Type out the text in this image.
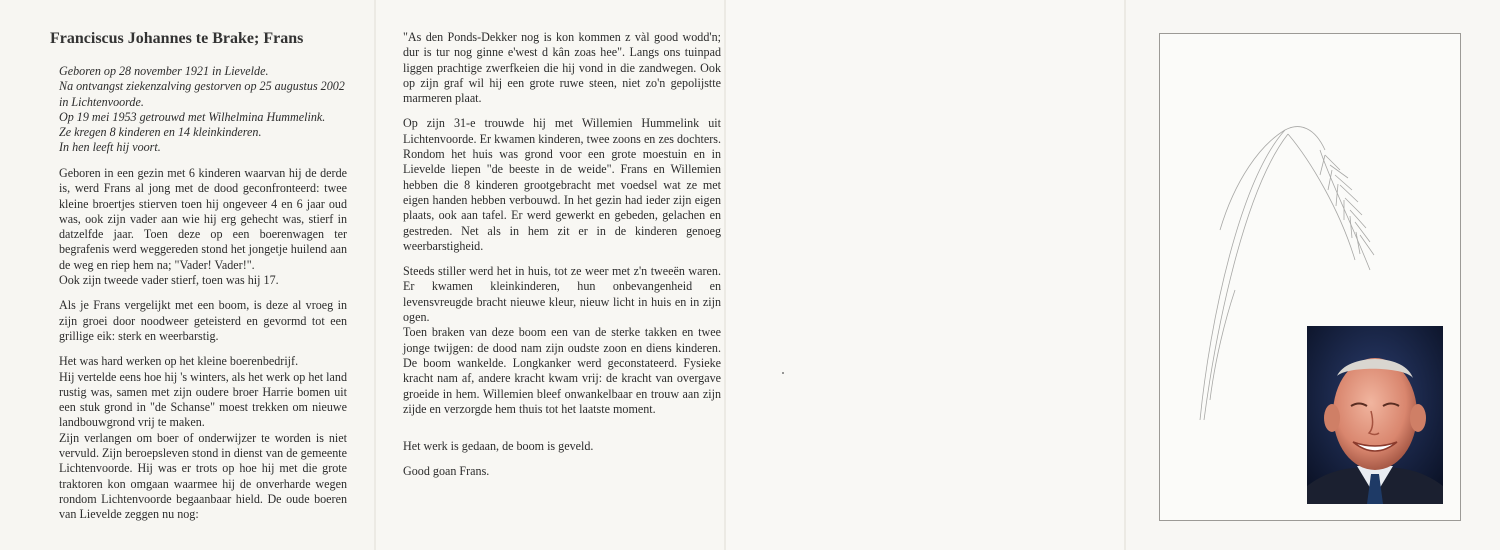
Franciscus Johannes te Brake; Frans
Geboren op 28 november 1921 in Lievelde.
Na ontvangst ziekenzalving gestorven op 25 augustus 2002 in Lichtenvoorde.
Op 19 mei 1953 getrouwd met Wilhelmina Hummelink.
Ze kregen 8 kinderen en 14 kleinkinderen.
In hen leeft hij voort.

Geboren in een gezin met 6 kinderen waarvan hij de derde is, werd Frans al jong met de dood geconfronteerd: twee kleine broertjes stierven toen hij ongeveer 4 en 6 jaar oud was, ook zijn vader aan wie hij erg gehecht was, stierf in datzelfde jaar. Toen deze op een boerenwagen ter begrafenis werd weggereden stond het jongetje huilend aan de weg en riep hem na; "Vader! Vader!".
Ook zijn tweede vader stierf, toen was hij 17.

Als je Frans vergelijkt met een boom, is deze al vroeg in zijn groei door noodweer geteisterd en gevormd tot een grillige eik: sterk en weerbarstig.

Het was hard werken op het kleine boerenbedrijf.
Hij vertelde eens hoe hij 's winters, als het werk op het land rustig was, samen met zijn oudere broer Harrie bomen uit een stuk grond in "de Schanse" moest trekken om nieuwe landbouwgrond vrij te maken.
Zijn verlangen om boer of onderwijzer te worden is niet vervuld. Zijn beroepsleven stond in dienst van de gemeente Lichtenvoorde. Hij was er trots op hoe hij met die grote traktoren kon omgaan waarmee hij de onverharde wegen rondom Lichtenvoorde begaanbaar hield. De oude boeren van Lievelde zeggen nu nog:

"As den Ponds-Dekker nog is kon kommen z vàl good wodd'n; dur is tur nog ginne e'west d kân zoas hee". Langs ons tuinpad liggen prachtige zwerfkeien die hij vond in die zandwegen. Ook op zijn graf wil hij een grote ruwe steen, niet zo'n gepolijstte marmeren plaat.

Op zijn 31-e trouwde hij met Willemien Hummelink uit Lichtenvoorde. Er kwamen kinderen, twee zoons en zes dochters. Rondom het huis was grond voor een grote moestuin en in Lievelde liepen "de beeste in de weide". Frans en Willemien hebben die 8 kinderen grootgebracht met voedsel wat ze met eigen handen hebben verbouwd. In het gezin had ieder zijn eigen plaats, ook aan tafel. Er werd gewerkt en gebeden, gelachen en gestreden. Net als in hem zit er in de kinderen genoeg weerbarstigheid.

Steeds stiller werd het in huis, tot ze weer met z'n tweeën waren. Er kwamen kleinkinderen, hun onbevangenheid en levensvreugde bracht nieuwe kleur, nieuw licht in huis en in zijn ogen.
Toen braken van deze boom een van de sterke takken en twee jonge twijgen: de dood nam zijn oudste zoon en diens kinderen. De boom wankelde. Longkanker werd geconstateerd. Fysieke kracht nam af, andere kracht kwam vrij: de kracht van overgave groeide in hem. Willemien bleef onwankelbaar en trouw aan zijn zijde en verzorgde hem thuis tot het laatste moment.

Het werk is gedaan, de boom is geveld.

Good goan Frans.
